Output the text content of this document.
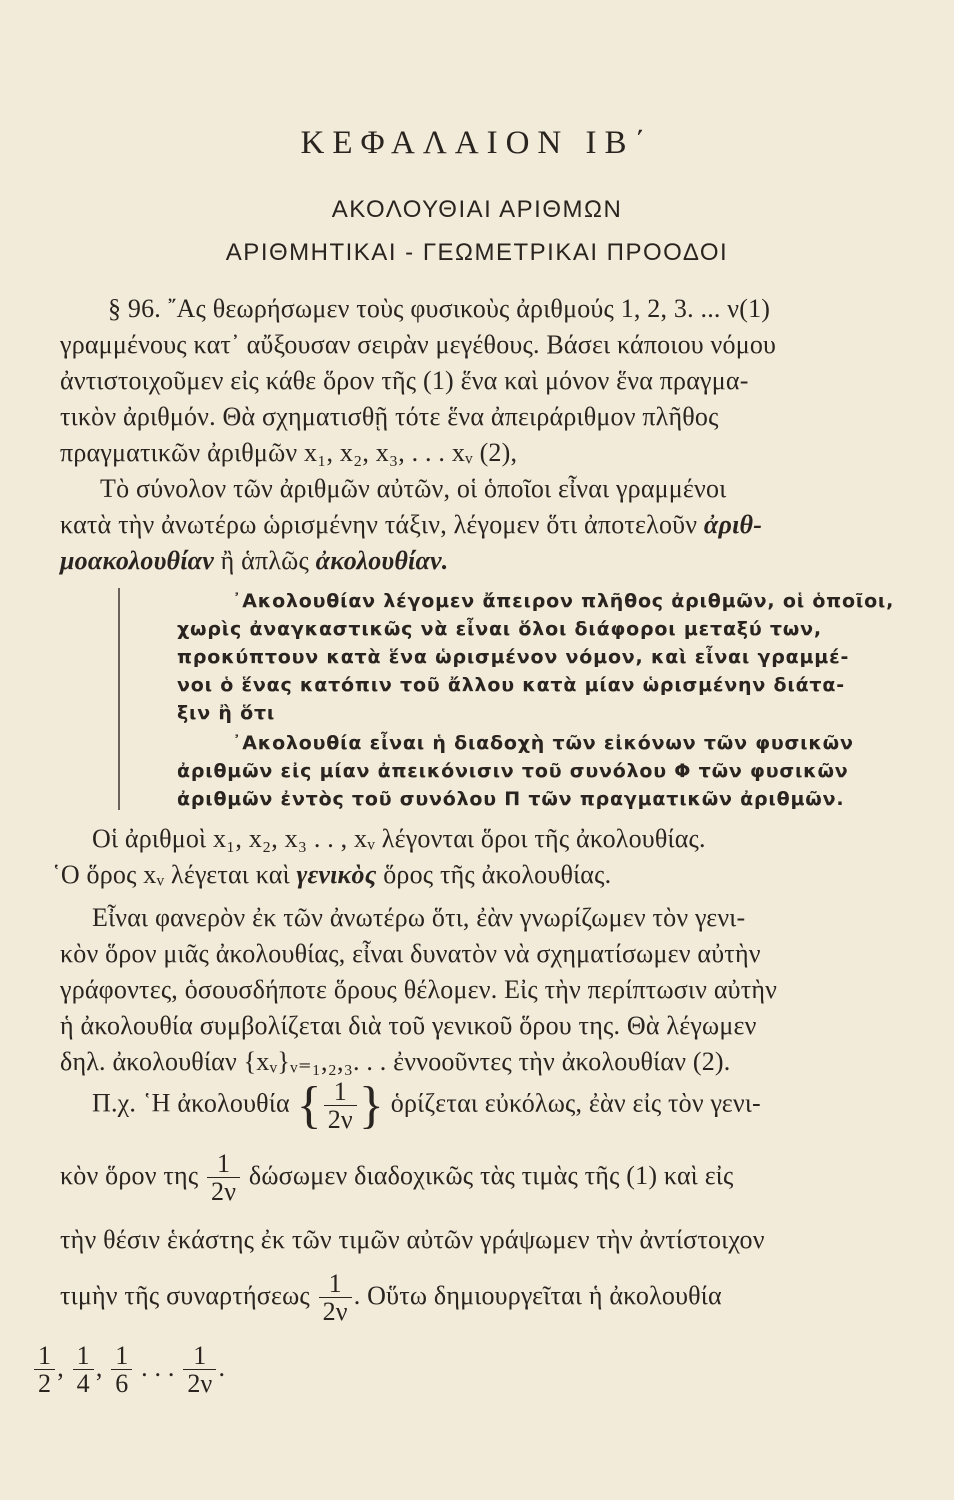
ΚΕΦΑΛΑΙΟΝ ΙΒ΄
ΑΚΟΛΟΥΘΙΑΙ ΑΡΙΘΜΩΝ
ΑΡΙΘΜΗΤΙΚΑΙ - ΓΕΩΜΕΤΡΙΚΑΙ ΠΡΟΟΔΟΙ
§ 96. ῎Ας θεωρήσωμεν τοὺς φυσικοὺς ἀριθμούς 1, 2, 3. ... ν(1)
γραμμένους κατ᾽ αὔξουσαν σειρὰν μεγέθους. Βάσει κάποιου νόμου
ἀντιστοιχοῦμεν εἰς κάθε ὅρον τῆς (1) ἕνα καὶ μόνον ἕνα πραγμα-
τικὸν ἀριθμόν. Θὰ σχηματισθῇ τότε ἕνα ἀπειράριθμον πλῆθος
πραγματικῶν ἀριθμῶν x₁, x₂, x₃, . . . xᵥ (2),
Τὸ σύνολον τῶν ἀριθμῶν αὐτῶν, οἱ ὁποῖοι εἶναι γραμμένοι
κατὰ τὴν ἀνωτέρω ὡρισμένην τάξιν, λέγομεν ὅτι ἀποτελοῦν ἀριθ-
μοακολουθίαν ἢ ἁπλῶς ἀκολουθίαν.
᾽Ακολουθίαν λέγομεν ἄπειρον πλῆθος ἀριθμῶν, οἱ ὁποῖοι,
χωρὶς ἀναγκαστικῶς νὰ εἶναι ὅλοι διάφοροι μεταξύ των,
προκύπτουν κατὰ ἕνα ὡρισμένον νόμον, καὶ εἶναι γραμμέ-
νοι ὁ ἕνας κατόπιν τοῦ ἄλλου κατὰ μίαν ὡρισμένην διάτα-
ξιν ἢ ὅτι
᾽Ακολουθία εἶναι ἡ διαδοχὴ τῶν εἰκόνων τῶν φυσικῶν
ἀριθμῶν εἰς μίαν ἀπεικόνισιν τοῦ συνόλου Φ τῶν φυσικῶν
ἀριθμῶν ἐντὸς τοῦ συνόλου Π τῶν πραγματικῶν ἀριθμῶν.
Οἱ ἀριθμοὶ x₁, x₂, x₃ . . , xᵥ λέγονται ὅροι τῆς ἀκολουθίας.
῾Ο ὅρος xᵥ λέγεται καὶ γενικὸς ὅρος τῆς ἀκολουθίας.
Εἶναι φανερὸν ἐκ τῶν ἀνωτέρω ὅτι, ἐὰν γνωρίζωμεν τὸν γενι-
κὸν ὅρον μιᾶς ἀκολουθίας, εἶναι δυνατὸν νὰ σχηματίσωμεν αὐτὴν
γράφοντες, ὁσουσδήποτε ὅρους θέλομεν. Εἰς τὴν περίπτωσιν αὐτὴν
ἡ ἀκολουθία συμβολίζεται διὰ τοῦ γενικοῦ ὅρου της. Θὰ λέγωμεν
δηλ. ἀκολουθίαν {xᵥ}ᵥ₌₁,₂,₃. . . ἐννοοῦντες τὴν ἀκολουθίαν (2).
Π.χ. ῾Η ἀκολουθία { $\frac{1}{2\nu}$ } ὁρίζεται εὐκόλως, ἐὰν εἰς τὸν γενι-
κὸν ὅρον της $\frac{1}{2\nu}$ δώσωμεν διαδοχικῶς τὰς τιμὰς τῆς (1) καὶ εἰς
τὴν θέσιν ἑκάστης ἐκ τῶν τιμῶν αὐτῶν γράψωμεν τὴν ἀντίστοιχον
τιμὴν τῆς συναρτήσεως $\frac{1}{2\nu}$ . Οὕτω δημιουργεῖται ἡ ἀκολουθία
$\frac{1}{2}$ , $\frac{1}{4}$ , $\frac{1}{6}$ . . . $\frac{1}{2\nu}$ .
